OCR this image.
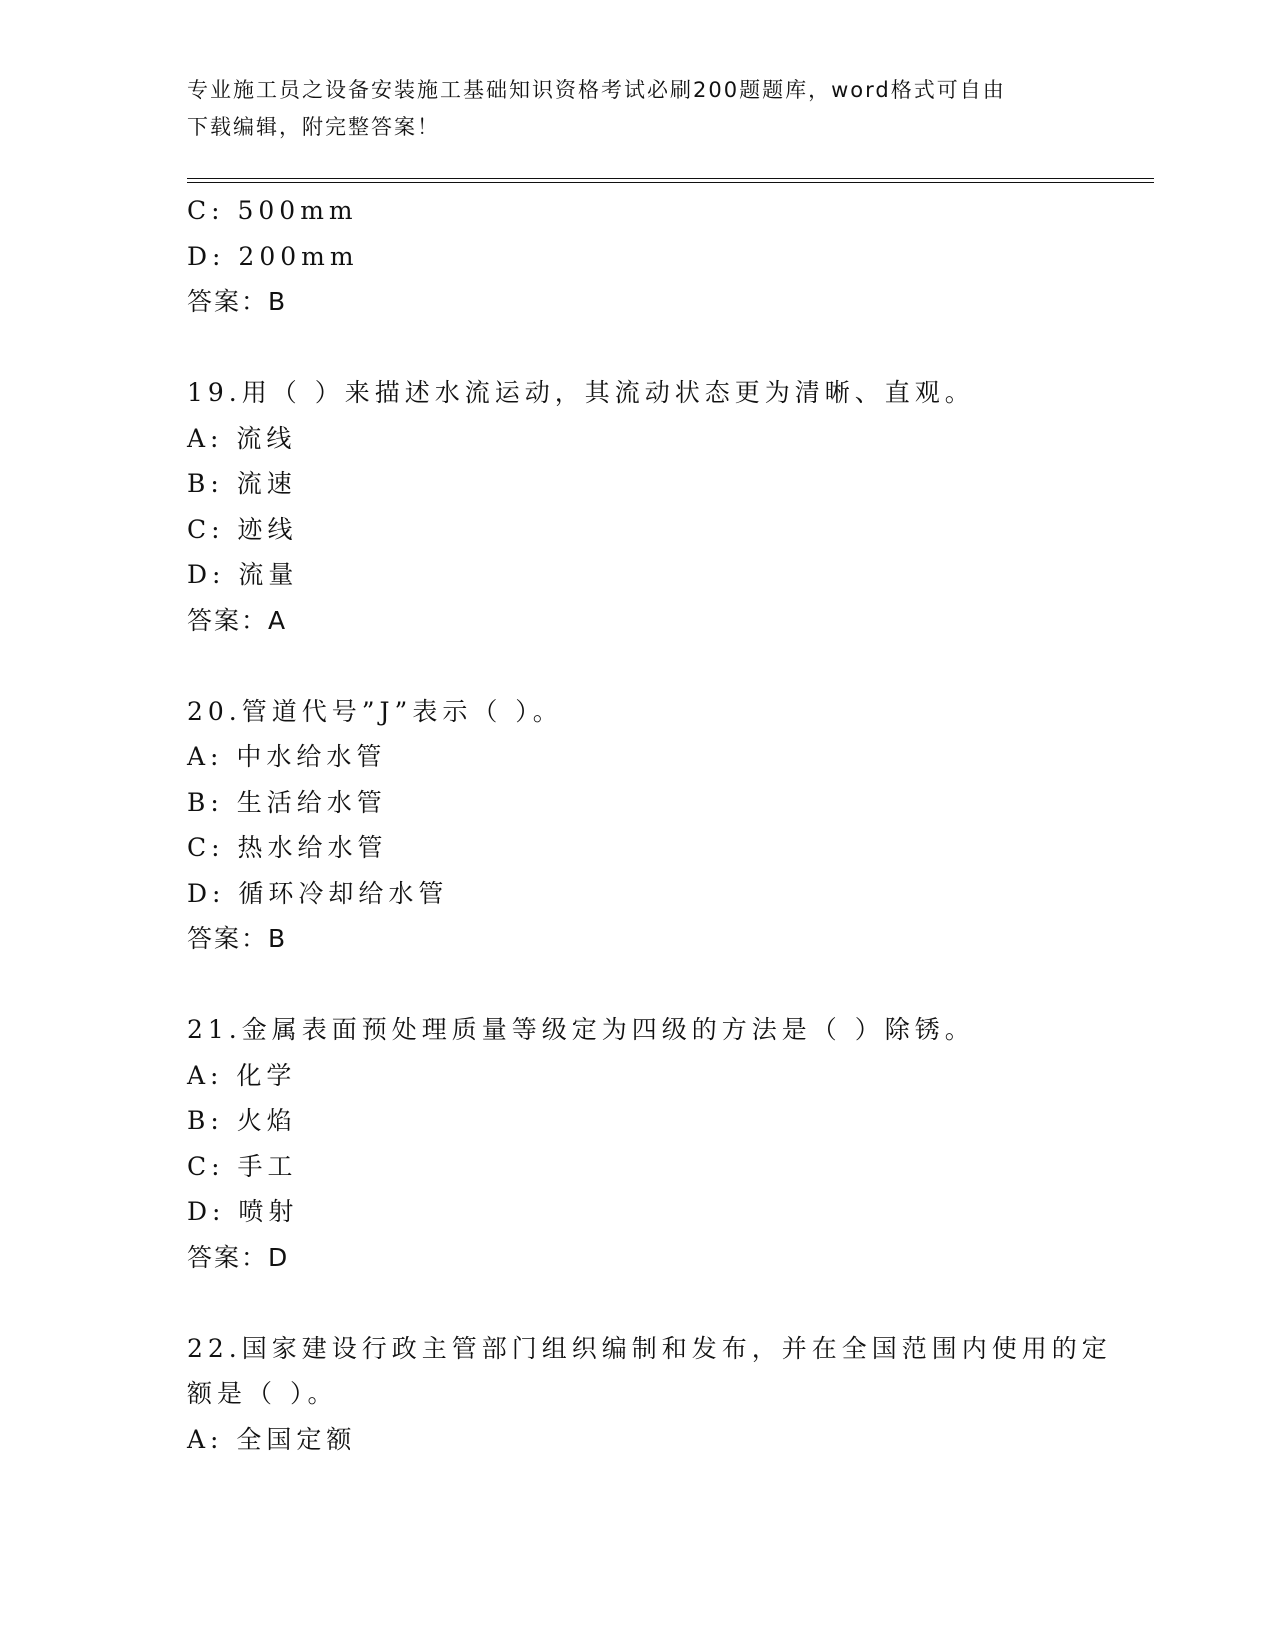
专业施工员之设备安装施工基础知识资格考试必刷200题题库，word格式可自由
下载编辑，附完整答案！
C: 500mm
D: 200mm
答案：B
19.用（ ）来描述水流运动，其流动状态更为清晰、直观。
A: 流线
B: 流速
C: 迹线
D: 流量
答案：A
20.管道代号”J”表示（ ）。
A: 中水给水管
B: 生活给水管
C: 热水给水管
D: 循环冷却给水管
答案：B
21.金属表面预处理质量等级定为四级的方法是（ ）除锈。
A: 化学
B: 火焰
C: 手工
D: 喷射
答案：D
22.国家建设行政主管部门组织编制和发布，并在全国范围内使用的定
额是（ ）。
A: 全国定额
